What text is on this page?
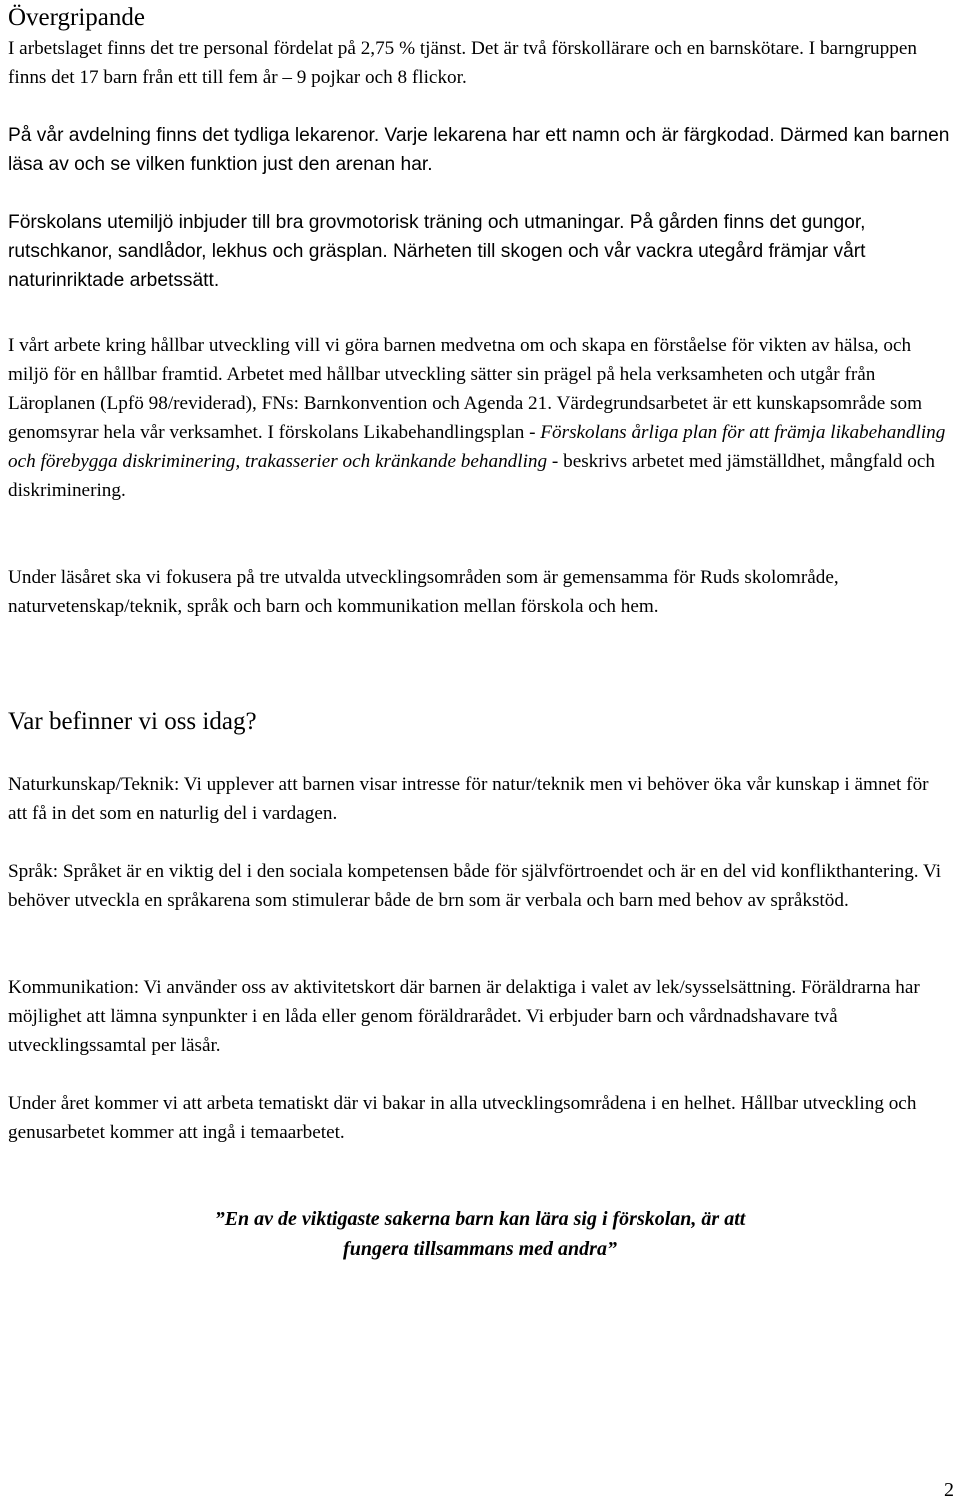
Övergripande

I arbetslaget finns det tre personal fördelat på 2,75 % tjänst. Det är två förskollärare och en barnskötare. I barngruppen finns det 17 barn från ett till fem år – 9 pojkar och 8 flickor.

På vår avdelning finns det tydliga lekarenor. Varje lekarena har ett namn och är färgkodad. Därmed kan barnen läsa av och se vilken funktion just den arenan har.

Förskolans utemiljö inbjuder till bra grovmotorisk träning och utmaningar. På gården finns det gungor, rutschkanor, sandlådor, lekhus och gräsplan. Närheten till skogen och vår vackra utegård främjar vårt naturinriktade arbetssätt.

I vårt arbete kring hållbar utveckling vill vi göra barnen medvetna om och skapa en förståelse för vikten av hälsa, och miljö för en hållbar framtid. Arbetet med hållbar utveckling sätter sin prägel på hela verksamheten och utgår från Läroplanen (Lpfö 98/reviderad), FNs: Barnkonvention och Agenda 21. Värdegrundsarbetet är ett kunskapsområde som genomsyrar hela vår verksamhet. I förskolans Likabehandlingsplan - Förskolans årliga plan för att främja likabehandling och förebygga diskriminering, trakasserier och kränkande behandling - beskrivs arbetet med jämställdhet, mångfald och diskriminering.

Under läsåret ska vi fokusera på tre utvalda utvecklingsområden som är gemensamma för Ruds skolområde, naturvetenskap/teknik, språk och barn och kommunikation mellan förskola och hem.

Var befinner vi oss idag?

Naturkunskap/Teknik: Vi upplever att barnen visar intresse för natur/teknik men vi behöver öka vår kunskap i ämnet för att få in det som en naturlig del i vardagen.

Språk: Språket är en viktig del i den sociala kompetensen både för självförtroendet och är en del vid konflikthantering. Vi behöver utveckla en språkarena som stimulerar både de brn som är verbala och barn med behov av språkstöd.

Kommunikation: Vi använder oss av aktivitetskort där barnen är delaktiga i valet av lek/sysselsättning. Föräldrarna har möjlighet att lämna synpunkter i en låda eller genom föräldrarådet. Vi erbjuder barn och vårdnadshavare två utvecklingssamtal per läsår.

Under året kommer vi att arbeta tematiskt där vi bakar in alla utvecklingsområdena i en helhet. Hållbar utveckling och genusarbetet kommer att ingå i temaarbetet.

”En av de viktigaste sakerna barn kan lära sig i förskolan, är att
fungera tillsammans med andra”
2
